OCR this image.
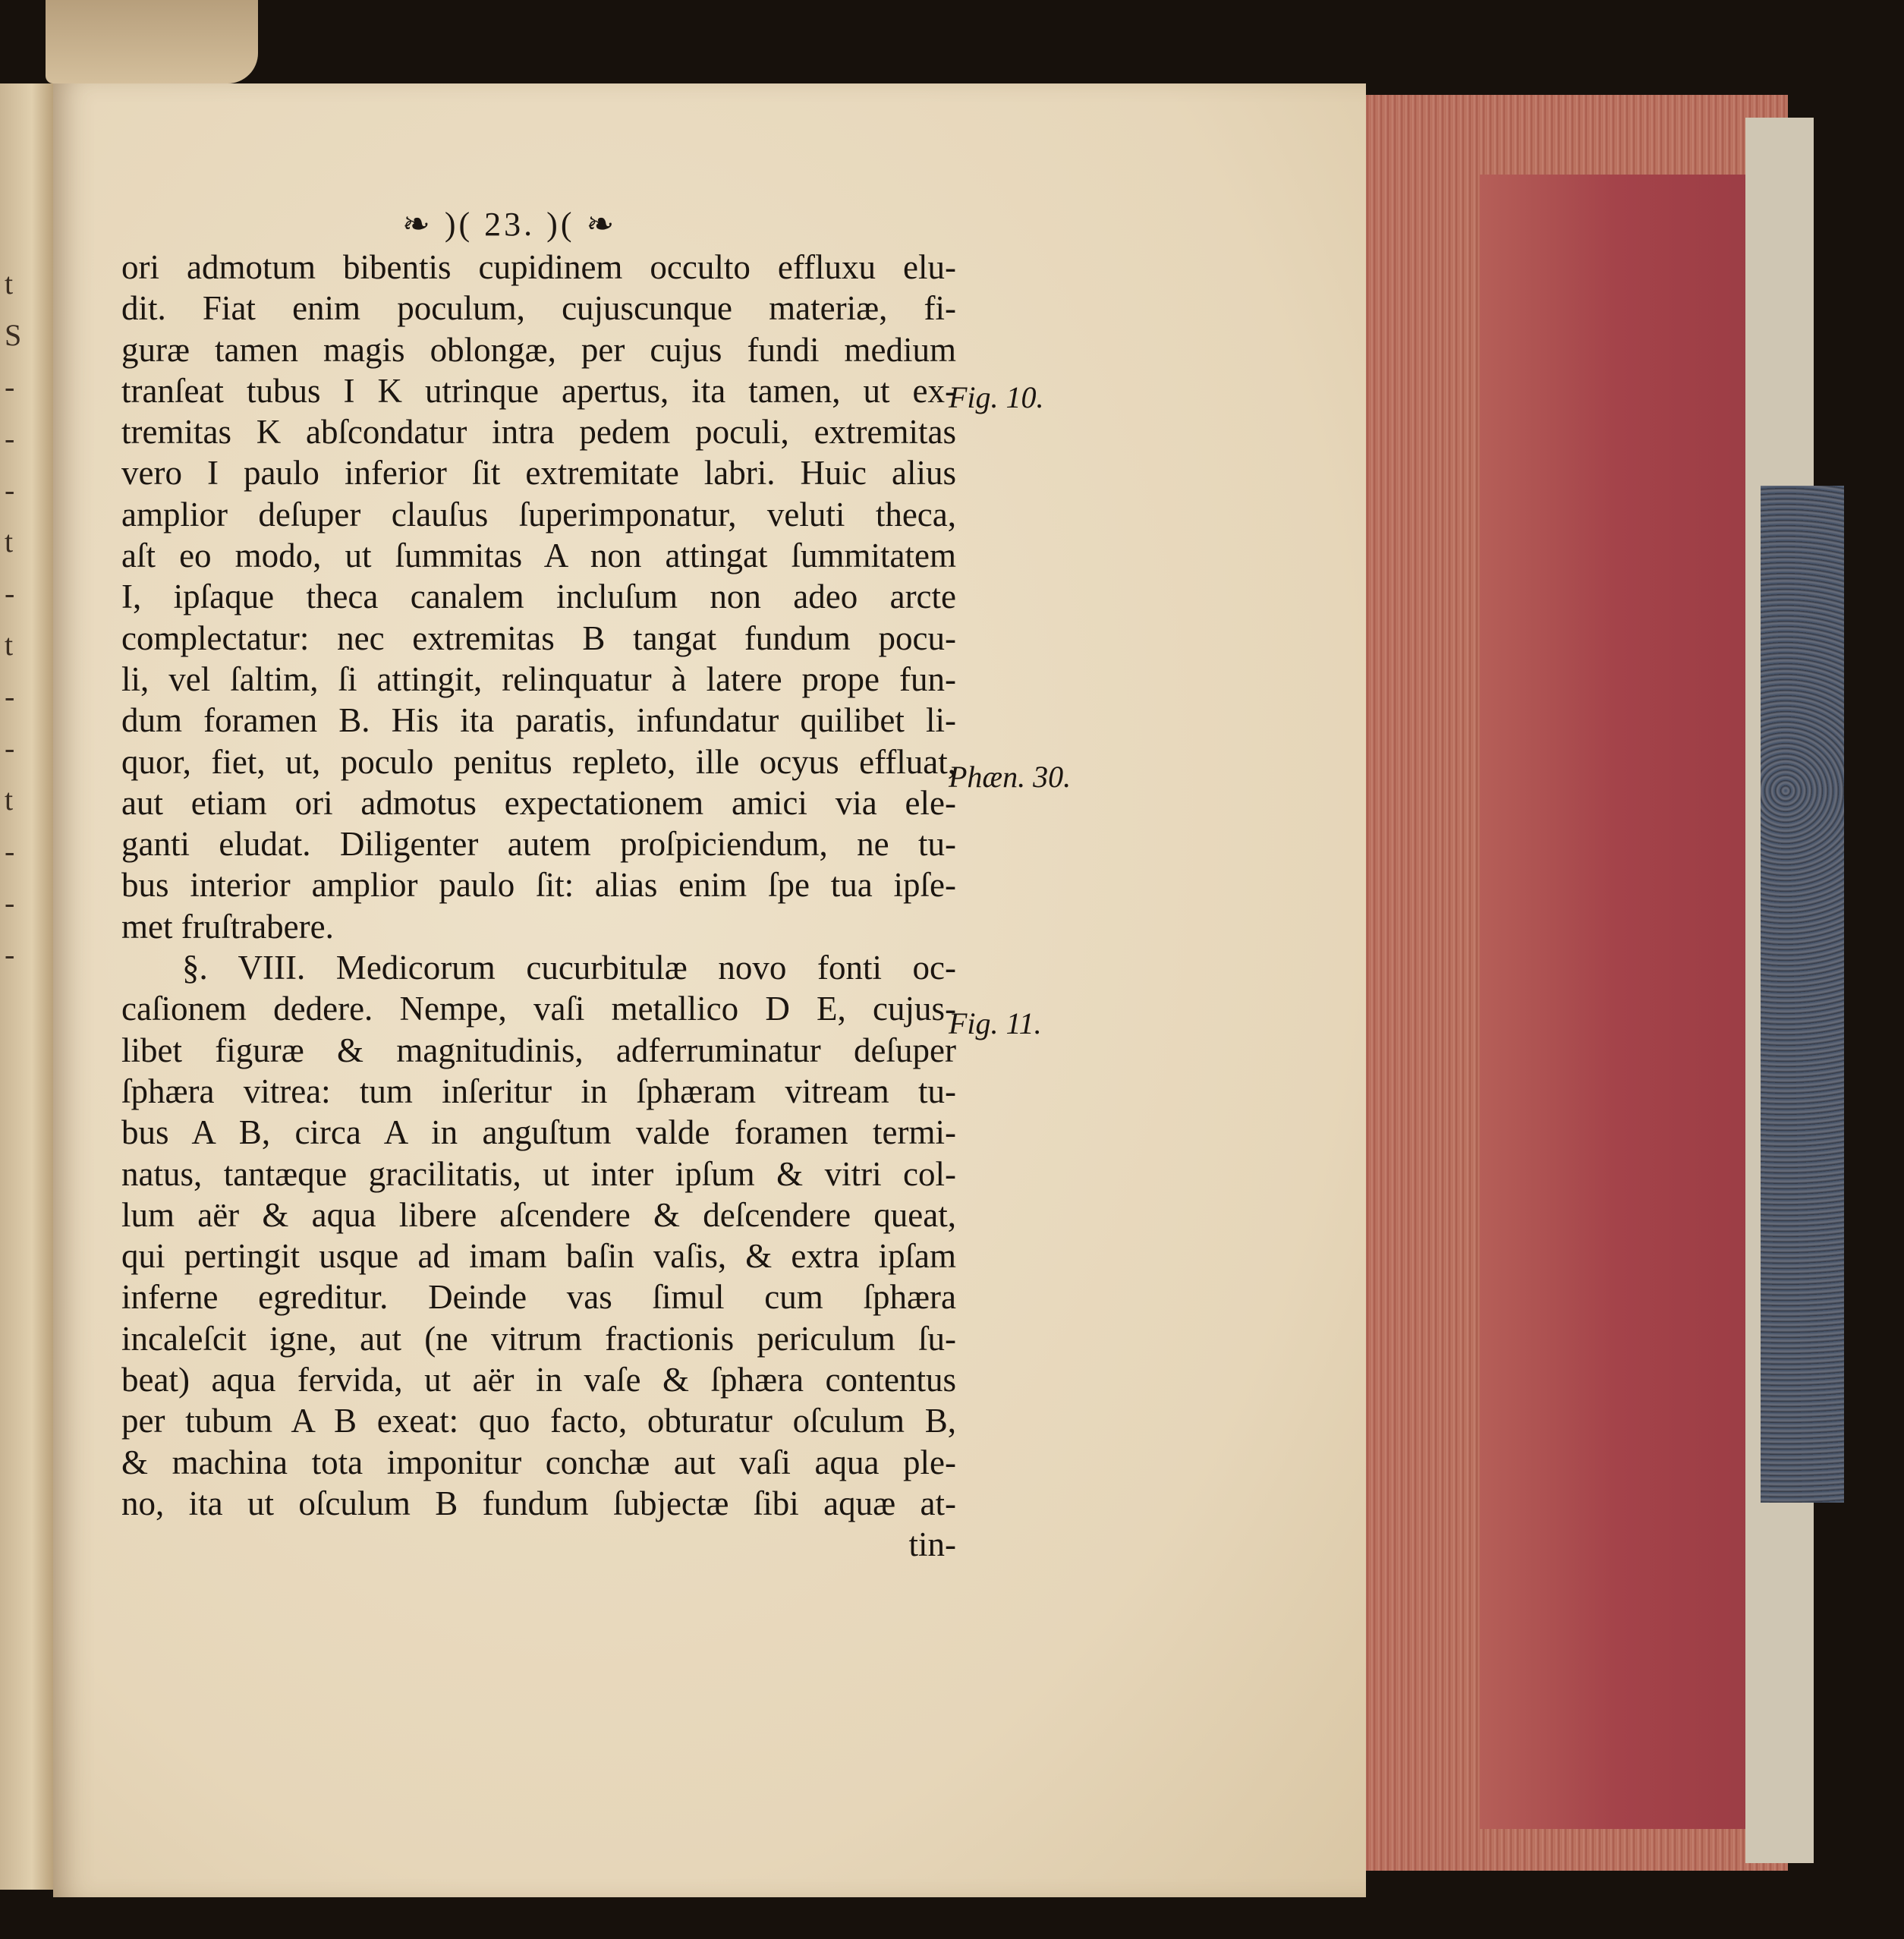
t
S
-
-
-
t
-
t
-
-
t
-
-
-
❧ )( 23. )( ❧
ori admotum bibentis cupidinem occulto effluxu elu-
dit. Fiat enim poculum, cujuscunque materiæ, fi-
guræ tamen magis oblongæ, per cujus fundi medium
tranſeat tubus I K utrinque apertus, ita tamen, ut ex-
tremitas K abſcondatur intra pedem poculi, extremitas
vero I paulo inferior ſit extremitate labri. Huic alius
amplior deſuper clauſus ſuperimponatur, veluti theca,
aſt eo modo, ut ſummitas A non attingat ſummitatem
I, ipſaque theca canalem incluſum non adeo arcte
complectatur: nec extremitas B tangat fundum pocu-
li, vel ſaltim, ſi attingit, relinquatur à latere prope fun-
dum foramen B. His ita paratis, infundatur quilibet li-
quor, fiet, ut, poculo penitus repleto, ille ocyus effluat,
aut etiam ori admotus expectationem amici via ele-
ganti eludat. Diligenter autem proſpiciendum, ne tu-
bus interior amplior paulo ſit: alias enim ſpe tua ipſe-
met fruſtrabere.
§. VIII. Medicorum cucurbitulæ novo fonti oc-
caſionem dedere. Nempe, vaſi metallico D E, cujus-
libet figuræ & magnitudinis, adferruminatur deſuper
ſphæra vitrea: tum inſeritur in ſphæram vitream tu-
bus A B, circa A in anguſtum valde foramen termi-
natus, tantæque gracilitatis, ut inter ipſum & vitri col-
lum aër & aqua libere aſcendere & deſcendere queat,
qui pertingit usque ad imam baſin vaſis, & extra ipſam
inferne egreditur. Deinde vas ſimul cum ſphæra
incaleſcit igne, aut (ne vitrum fractionis periculum ſu-
beat) aqua fervida, ut aër in vaſe & ſphæra contentus
per tubum A B exeat: quo facto, obturatur oſculum B,
& machina tota imponitur conchæ aut vaſi aqua ple-
no, ita ut oſculum B fundum ſubjectæ ſibi aquæ at-
tin-
Fig. 10.
Phæn. 30.
Fig. 11.
